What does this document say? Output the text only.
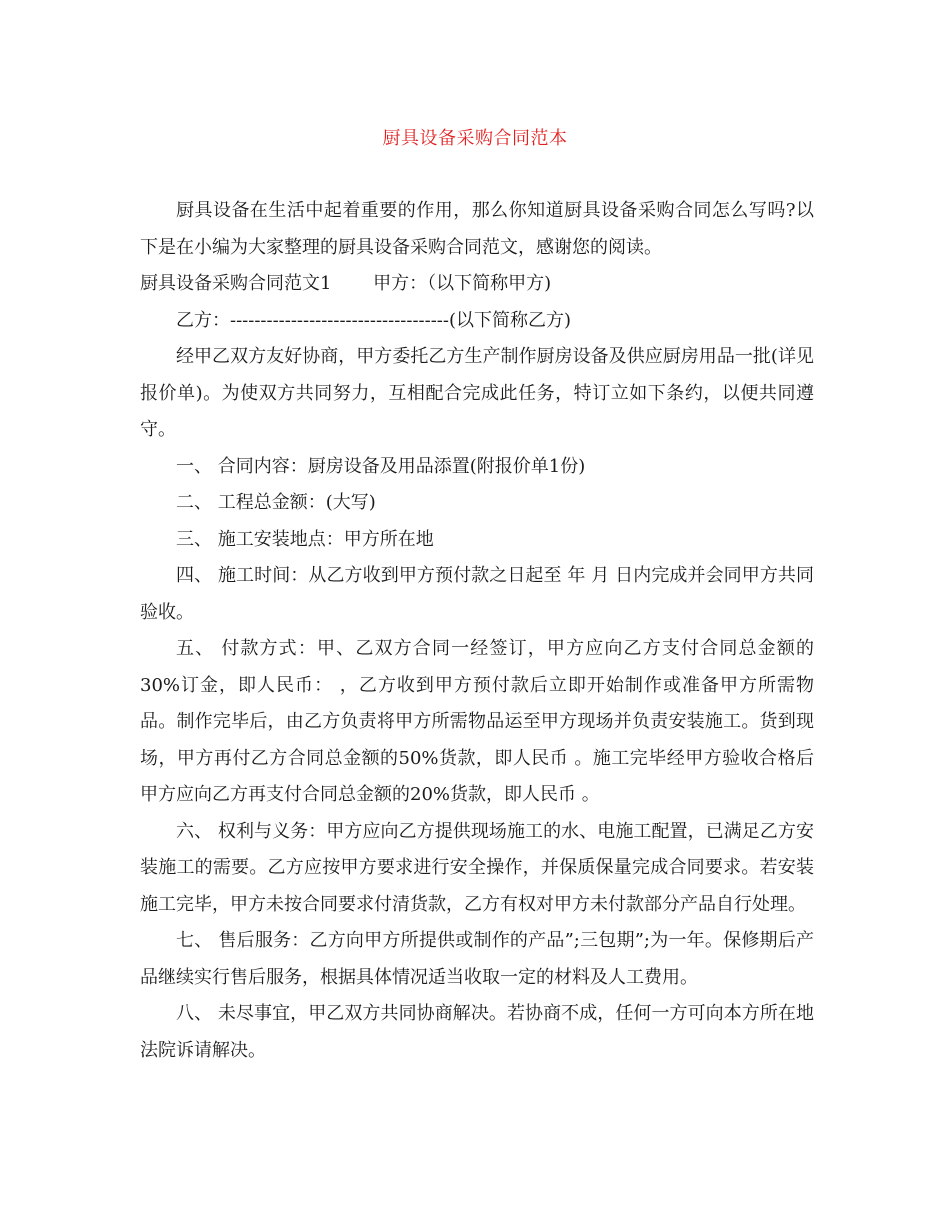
厨具设备采购合同范本

厨具设备在生活中起着重要的作用，那么你知道厨具设备采购合同怎么写吗?以下是在小编为大家整理的厨具设备采购合同范文，感谢您的阅读。

厨具设备采购合同范文1　　 甲方：（以下简称甲方)

乙方：------------------------------------(以下简称乙方)

经甲乙双方友好协商，甲方委托乙方生产制作厨房设备及供应厨房用品一批(详见报价单)。为使双方共同努力，互相配合完成此任务，特订立如下条约，以便共同遵守。

一、 合同内容：厨房设备及用品添置(附报价单1份)

二、 工程总金额：(大写)

三、 施工安装地点：甲方所在地

四、 施工时间：从乙方收到甲方预付款之日起至 年 月 日内完成并会同甲方共同验收。

五、 付款方式：甲、乙双方合同一经签订，甲方应向乙方支付合同总金额的30%订金，即人民币： ，乙方收到甲方预付款后立即开始制作或准备甲方所需物品。制作完毕后，由乙方负责将甲方所需物品运至甲方现场并负责安装施工。货到现场，甲方再付乙方合同总金额的50%货款，即人民币 。施工完毕经甲方验收合格后甲方应向乙方再支付合同总金额的20%货款，即人民币 。

六、 权利与义务：甲方应向乙方提供现场施工的水、电施工配置，已满足乙方安装施工的需要。乙方应按甲方要求进行安全操作，并保质保量完成合同要求。若安装施工完毕，甲方未按合同要求付清货款，乙方有权对甲方未付款部分产品自行处理。

七、 售后服务：乙方向甲方所提供或制作的产品”;三包期”;为一年。保修期后产品继续实行售后服务，根据具体情况适当收取一定的材料及人工费用。

八、 未尽事宜，甲乙双方共同协商解决。若协商不成，任何一方可向本方所在地法院诉请解决。
